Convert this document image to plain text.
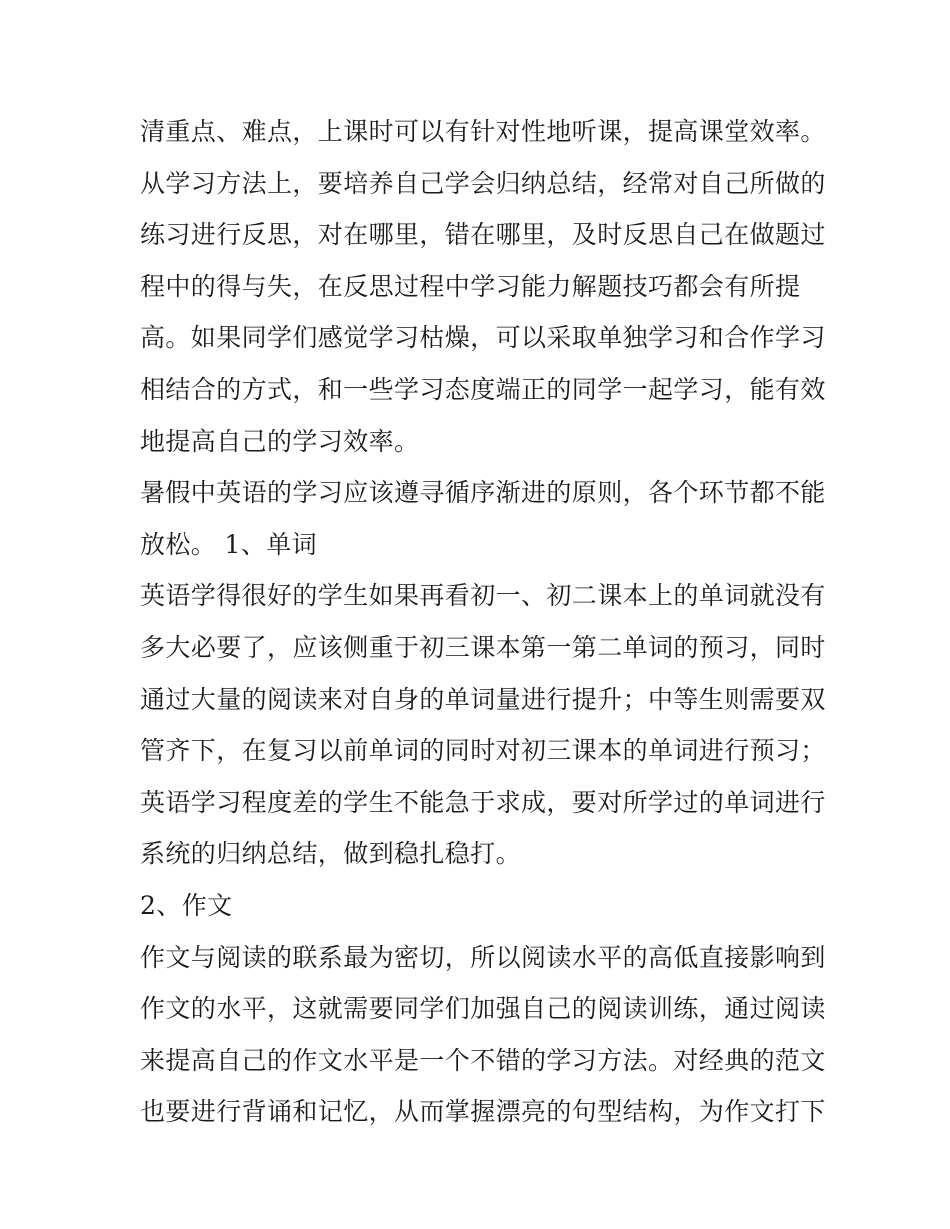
清重点、难点，上课时可以有针对性地听课，提高课堂效率。
从学习方法上，要培养自己学会归纳总结，经常对自己所做的
练习进行反思，对在哪里，错在哪里，及时反思自己在做题过
程中的得与失，在反思过程中学习能力解题技巧都会有所提
高。如果同学们感觉学习枯燥，可以采取单独学习和合作学习
相结合的方式，和一些学习态度端正的同学一起学习，能有效
地提高自己的学习效率。
暑假中英语的学习应该遵寻循序渐进的原则，各个环节都不能
放松。 1、单词
英语学得很好的学生如果再看初一、初二课本上的单词就没有
多大必要了，应该侧重于初三课本第一第二单词的预习，同时
通过大量的阅读来对自身的单词量进行提升；中等生则需要双
管齐下，在复习以前单词的同时对初三课本的单词进行预习；
英语学习程度差的学生不能急于求成，要对所学过的单词进行
系统的归纳总结，做到稳扎稳打。
2、作文
作文与阅读的联系最为密切，所以阅读水平的高低直接影响到
作文的水平，这就需要同学们加强自己的阅读训练，通过阅读
来提高自己的作文水平是一个不错的学习方法。对经典的范文
也要进行背诵和记忆，从而掌握漂亮的句型结构，为作文打下
